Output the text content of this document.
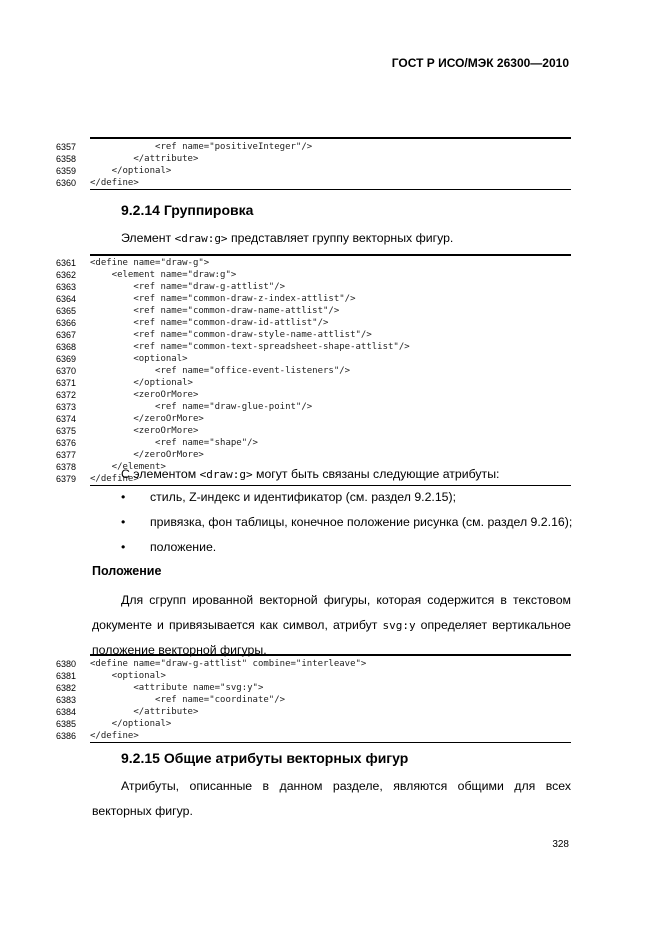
ГОСТ Р ИСО/МЭК 26300—2010
6357	<ref name="positiveInteger"/>
6358	</attribute>
6359	</optional>
6360	</define>
9.2.14 Группировка
Элемент <draw:g> представляет группу векторных фигур.
6361	<define name="draw-g">
6362	<element name="draw:g">
6363	<ref name="draw-g-attlist"/>
6364	<ref name="common-draw-z-index-attlist"/>
6365	<ref name="common-draw-name-attlist"/>
6366	<ref name="common-draw-id-attlist"/>
6367	<ref name="common-draw-style-name-attlist"/>
6368	<ref name="common-text-spreadsheet-shape-attlist"/>
6369	<optional>
6370	<ref name="office-event-listeners"/>
6371	</optional>
6372	<zeroOrMore>
6373	<ref name="draw-glue-point"/>
6374	</zeroOrMore>
6375	<zeroOrMore>
6376	<ref name="shape"/>
6377	</zeroOrMore>
6378	</element>
6379	</define>
С элементом <draw:g> могут быть связаны следующие атрибуты:
•	стиль, Z-индекс и идентификатор (см. раздел 9.2.15);
•	привязка, фон таблицы, конечное положение рисунка (см. раздел 9.2.16);
•	положение.
Положение
Для сгрупп ированной векторной фигуры, которая содержится в текстовом документе и привязывается как символ, атрибут svg:y определяет вертикальное положение векторной фигуры.
6380	<define name="draw-g-attlist" combine="interleave">
6381	<optional>
6382	<attribute name="svg:y">
6383	<ref name="coordinate"/>
6384	</attribute>
6385	</optional>
6386	</define>
9.2.15 Общие атрибуты векторных фигур
Атрибуты, описанные в данном разделе, являются общими для всех векторных фигур.
328
